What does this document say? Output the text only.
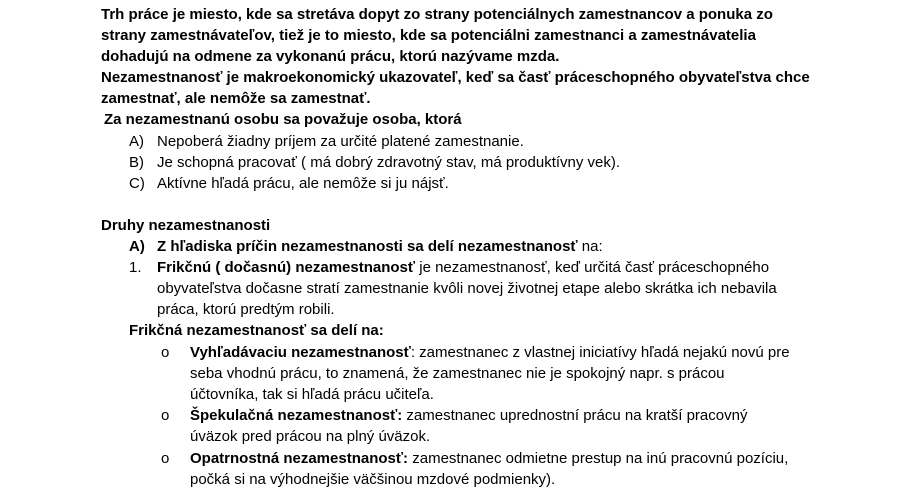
Trh práce je miesto, kde sa stretáva dopyt zo strany potenciálnych zamestnancov a ponuka zo
strany zamestnávateľov, tiež je to miesto, kde sa potenciálni zamestnanci a zamestnávatelia
dohadujú na odmene za vykonanú prácu, ktorú nazývame mzda.
Nezamestnanosť je makroekonomický ukazovateľ, keď sa časť práceschopného obyvateľstva chce
zamestnať, ale nemôže sa zamestnať.
Za nezamestnanú osobu sa považuje osoba, ktorá
A) Nepoberá žiadny príjem za určité platené zamestnanie.
B) Je schopná pracovať ( má dobrý zdravotný stav, má produktívny vek).
C) Aktívne hľadá prácu, ale nemôže si ju nájsť.
Druhy nezamestnanosti
A) Z hľadiska príčin nezamestnanosti sa delí nezamestnanosť na:
1. Frikčnú ( dočasnú) nezamestnanosť je nezamestnanosť, keď určitá časť práceschopného
obyvateľstva dočasne stratí zamestnanie kvôli novej životnej etape alebo skrátka ich nebavila
práca, ktorú predtým robili.
Frikčná nezamestnanosť sa delí na:
o Vyhľadávaciu nezamestnanosť: zamestnanec z vlastnej iniciatívy hľadá nejakú novú pre
seba vhodnú prácu, to znamená, že zamestnanec nie je spokojný napr. s prácou
účtovníka, tak si hľadá prácu učiteľa.
o Špekulačná nezamestnanosť: zamestnanec uprednostní prácu na kratší pracovný
úväzok pred prácou na plný úväzok.
o Opatrnostná nezamestnanosť: zamestnanec odmietne prestup na inú pracovnú pozíciu,
počká si na výhodnejšie väčšinou mzdové podmienky).
